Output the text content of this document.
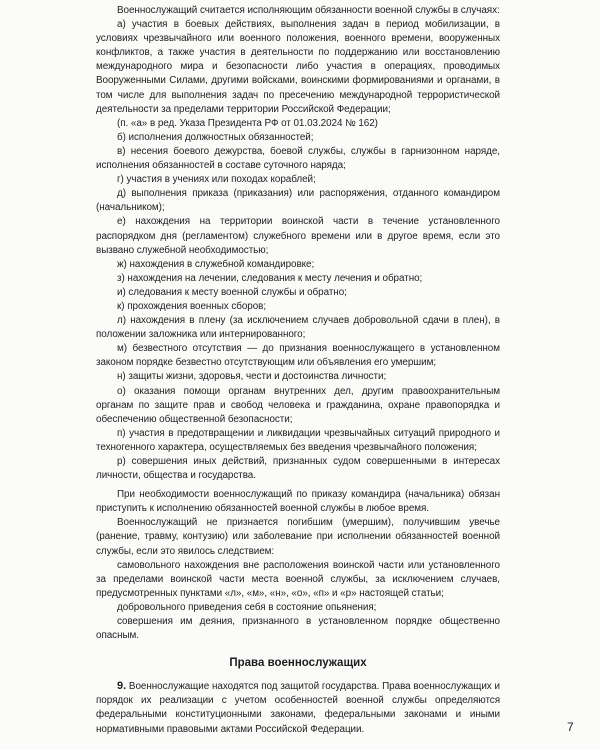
Военнослужащий считается исполняющим обязанности военной службы в случаях:

а) участия в боевых действиях, выполнения задач в период мобилизации, в условиях чрезвычайного или военного положения, военного времени, вооруженных конфликтов, а также участия в деятельности по поддержанию или восстановлению международного мира и безопасности либо участия в операциях, проводимых Вооруженными Силами, другими войсками, воинскими формированиями и органами, в том числе для выполнения задач по пресечению международной террористической деятельности за пределами территории Российской Федерации;

(п. «а» в ред. Указа Президента РФ от 01.03.2024 № 162)

б) исполнения должностных обязанностей;

в) несения боевого дежурства, боевой службы, службы в гарнизонном наряде, исполнения обязанностей в составе суточного наряда;

г) участия в учениях или походах кораблей;

д) выполнения приказа (приказания) или распоряжения, отданного командиром (начальником);

е) нахождения на территории воинской части в течение установленного распорядком дня (регламентом) служебного времени или в другое время, если это вызвано служебной необходимостью;

ж) нахождения в служебной командировке;

з) нахождения на лечении, следования к месту лечения и обратно;

и) следования к месту военной службы и обратно;

к) прохождения военных сборов;

л) нахождения в плену (за исключением случаев добровольной сдачи в плен), в положении заложника или интернированного;

м) безвестного отсутствия — до признания военнослужащего в установленном законом порядке безвестно отсутствующим или объявления его умершим;

н) защиты жизни, здоровья, чести и достоинства личности;

о) оказания помощи органам внутренних дел, другим правоохранительным органам по защите прав и свобод человека и гражданина, охране правопорядка и обеспечению общественной безопасности;

п) участия в предотвращении и ликвидации чрезвычайных ситуаций природного и техногенного характера, осуществляемых без введения чрезвычайного положения;

р) совершения иных действий, признанных судом совершенными в интересах личности, общества и государства.

При необходимости военнослужащий по приказу командира (начальника) обязан приступить к исполнению обязанностей военной службы в любое время.

Военнослужащий не признается погибшим (умершим), получившим увечье (ранение, травму, контузию) или заболевание при исполнении обязанностей военной службы, если это явилось следствием:

самовольного нахождения вне расположения воинской части или установленного за пределами воинской части места военной службы, за исключением случаев, предусмотренных пунктами «л», «м», «н», «о», «п» и «р» настоящей статьи;

добровольного приведения себя в состояние опьянения;

совершения им деяния, признанного в установленном порядке общественно опасным.

Права военнослужащих

9. Военнослужащие находятся под защитой государства. Права военнослужащих и порядок их реализации с учетом особенностей военной службы определяются федеральными конституционными законами, федеральными законами и иными нормативными правовыми актами Российской Федерации.	7
